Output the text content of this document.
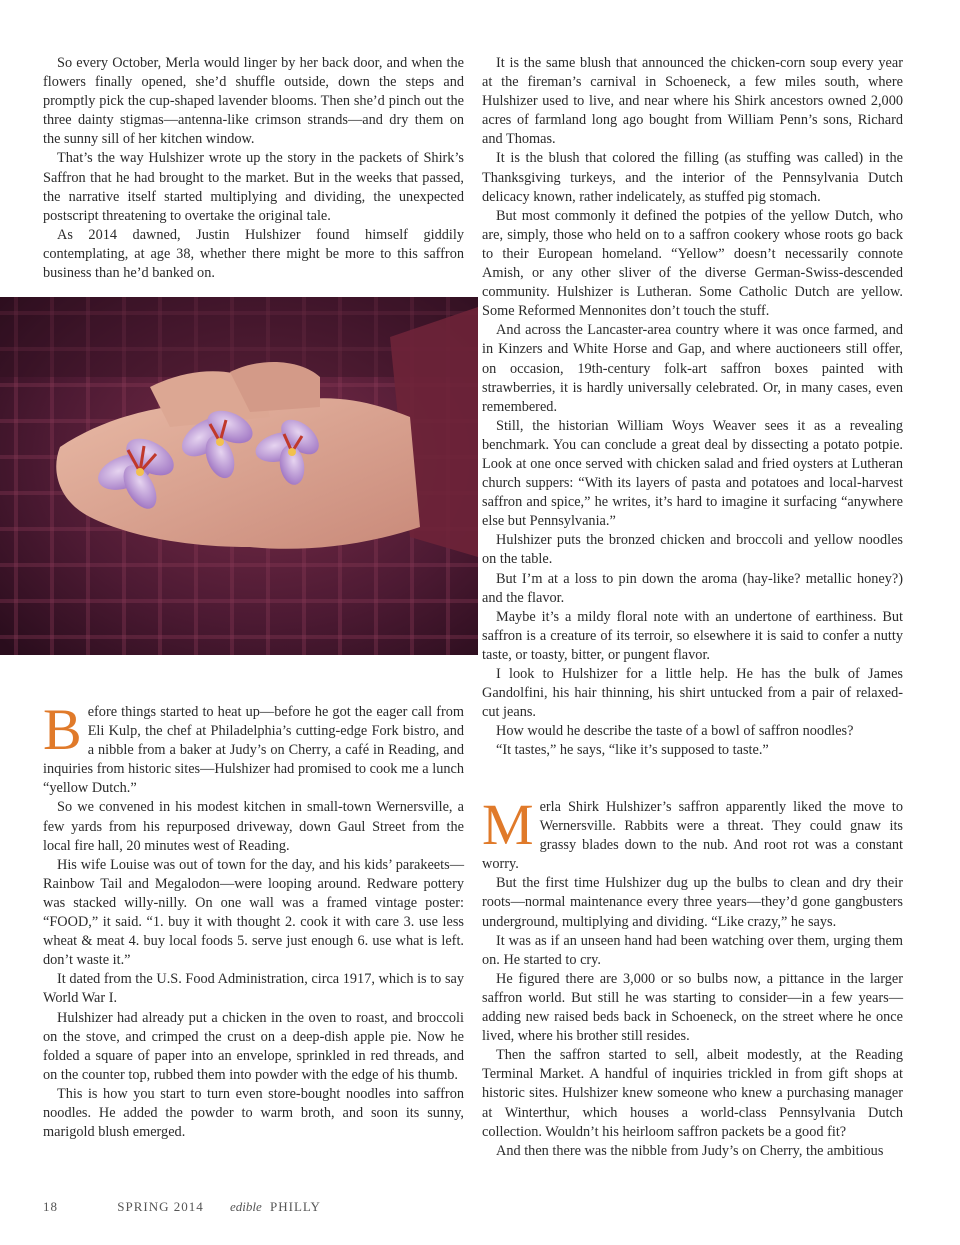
So every October, Merla would linger by her back door, and when the flowers finally opened, she’d shuffle outside, down the steps and promptly pick the cup-shaped lavender blooms. Then she’d pinch out the three dainty stigmas—antenna-like crimson strands—and dry them on the sunny sill of her kitchen window.

That’s the way Hulshizer wrote up the story in the packets of Shirk’s Saffron that he had brought to the market. But in the weeks that passed, the narrative itself started multiplying and dividing, the unexpected postscript threatening to overtake the original tale.

As 2014 dawned, Justin Hulshizer found himself giddily contemplating, at age 38, whether there might be more to this saffron business than he’d banked on.

Before things started to heat up—before he got the eager call from Eli Kulp, the chef at Philadelphia’s cutting-edge Fork bistro, and a nibble from a baker at Judy’s on Cherry, a café in Reading, and inquiries from historic sites—Hulshizer had promised to cook me a lunch “yellow Dutch.”

So we convened in his modest kitchen in small-town Wernersville, a few yards from his repurposed driveway, down Gaul Street from the local fire hall, 20 minutes west of Reading.

His wife Louise was out of town for the day, and his kids’ parakeets—Rainbow Tail and Megalodon—were looping around. Redware pottery was stacked willy-nilly. On one wall was a framed vintage poster: “FOOD,” it said. “1. buy it with thought 2. cook it with care 3. use less wheat & meat 4. buy local foods 5. serve just enough 6. use what is left. don’t waste it.”

It dated from the U.S. Food Administration, circa 1917, which is to say World War I.

Hulshizer had already put a chicken in the oven to roast, and broccoli on the stove, and crimped the crust on a deep-dish apple pie. Now he folded a square of paper into an envelope, sprinkled in red threads, and on the counter top, rubbed them into powder with the edge of his thumb.

This is how you start to turn even store-bought noodles into saffron noodles. He added the powder to warm broth, and soon its sunny, marigold blush emerged.

It is the same blush that announced the chicken-corn soup every year at the fireman’s carnival in Schoeneck, a few miles south, where Hulshizer used to live, and near where his Shirk ancestors owned 2,000 acres of farmland long ago bought from William Penn’s sons, Richard and Thomas.

It is the blush that colored the filling (as stuffing was called) in the Thanksgiving turkeys, and the interior of the Pennsylvania Dutch delicacy known, rather indelicately, as stuffed pig stomach.

But most commonly it defined the potpies of the yellow Dutch, who are, simply, those who held on to a saffron cookery whose roots go back to their European homeland. “Yellow” doesn’t necessarily connote Amish, or any other sliver of the diverse German-Swiss-descended community. Hulshizer is Lutheran. Some Catholic Dutch are yellow. Some Reformed Mennonites don’t touch the stuff.

And across the Lancaster-area country where it was once farmed, and in Kinzers and White Horse and Gap, and where auctioneers still offer, on occasion, 19th-century folk-art saffron boxes painted with strawberries, it is hardly universally celebrated. Or, in many cases, even remembered.

Still, the historian William Woys Weaver sees it as a revealing benchmark. You can conclude a great deal by dissecting a potato potpie. Look at one once served with chicken salad and fried oysters at Lutheran church suppers: “With its layers of pasta and potatoes and local-harvest saffron and spice,” he writes, it’s hard to imagine it surfacing “anywhere else but Pennsylvania.”

Hulshizer puts the bronzed chicken and broccoli and yellow noodles on the table.

But I’m at a loss to pin down the aroma (hay-like? metallic honey?) and the flavor.

Maybe it’s a mildy floral note with an undertone of earthiness. But saffron is a creature of its terroir, so elsewhere it is said to confer a nutty taste, or toasty, bitter, or pungent flavor.

I look to Hulshizer for a little help. He has the bulk of James Gandolfini, his hair thinning, his shirt untucked from a pair of relaxed-cut jeans.

How would he describe the taste of a bowl of saffron noodles?

“It tastes,” he says, “like it’s supposed to taste.”

Merla Shirk Hulshizer’s saffron apparently liked the move to Wernersville. Rabbits were a threat. They could gnaw its grassy blades down to the nub. And root rot was a constant worry.

But the first time Hulshizer dug up the bulbs to clean and dry their roots—normal maintenance every three years—they’d gone gangbusters underground, multiplying and dividing. “Like crazy,” he says.

It was as if an unseen hand had been watching over them, urging them on. He started to cry.

He figured there are 3,000 or so bulbs now, a pittance in the larger saffron world. But still he was starting to consider—in a few years—adding new raised beds back in Schoeneck, on the street where he once lived, where his brother still resides.

Then the saffron started to sell, albeit modestly, at the Reading Terminal Market. A handful of inquiries trickled in from gift shops at historic sites. Hulshizer knew someone who knew a purchasing manager at Winterthur, which houses a world-class Pennsylvania Dutch collection. Wouldn’t his heirloom saffron packets be a good fit?

And then there was the nibble from Judy’s on Cherry, the ambitious

18	SPRING 2014 edible PHILLY
